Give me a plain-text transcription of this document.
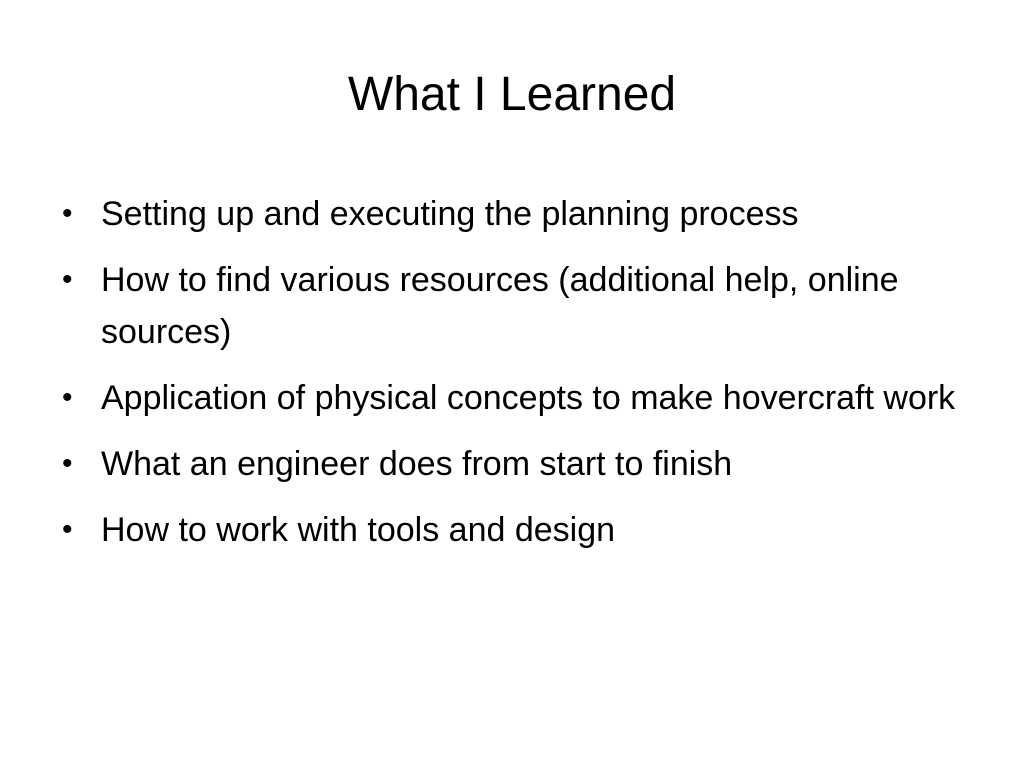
What I Learned
• Setting up and executing the planning process
• How to find various resources (additional help, online sources)
• Application of physical concepts to make hovercraft work
• What an engineer does from start to finish
• How to work with tools and design
